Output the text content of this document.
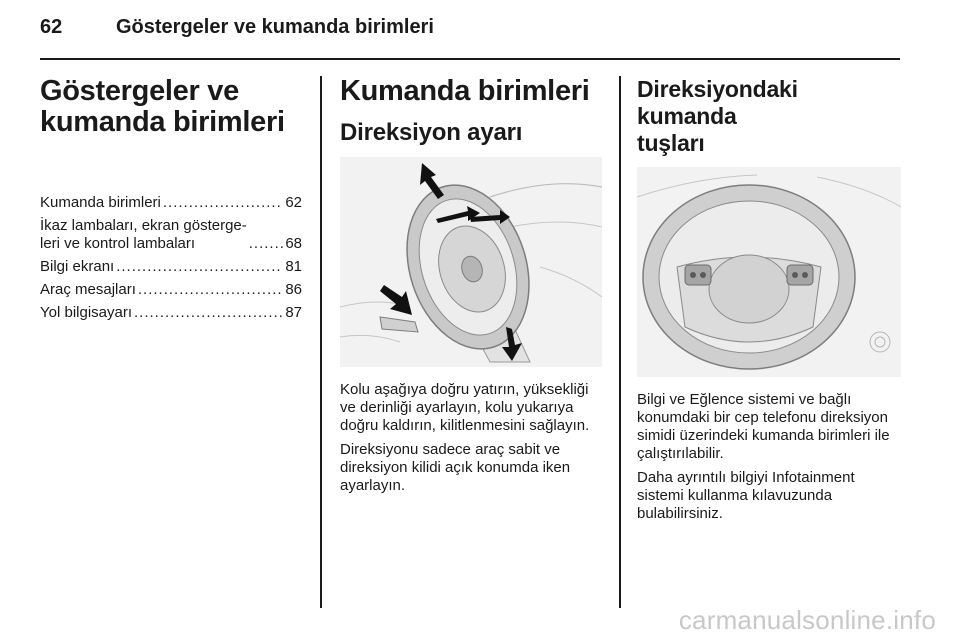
62	Göstergeler ve kumanda birimleri
Göstergeler ve
kumanda birimleri
Kumanda birimleri .....	62
İkaz lambaları, ekran gösterge-
leri ve kontrol lambaları .....	68
Bilgi ekranı .....	81
Araç mesajları .....	86
Yol bilgisayarı .....	87
Kumanda birimleri
Direksiyon ayarı

Kolu aşağıya doğru yatırın, yüksekliği ve derinliği ayarlayın, kolu yukarıya doğru kaldırın, kilitlenmesini sağlayın.

Direksiyonu sadece araç sabit ve direksiyon kilidi açık konumda iken ayarlayın.

Direksiyondaki kumanda
tuşları

Bilgi ve Eğlence sistemi ve bağlı konumdaki bir cep telefonu direksiyon simidi üzerindeki kumanda birimleri ile çalıştırılabilir.

Daha ayrıntılı bilgiyi Infotainment sistemi kullanma kılavuzunda bulabilirsiniz.

carmanualsonline.info
